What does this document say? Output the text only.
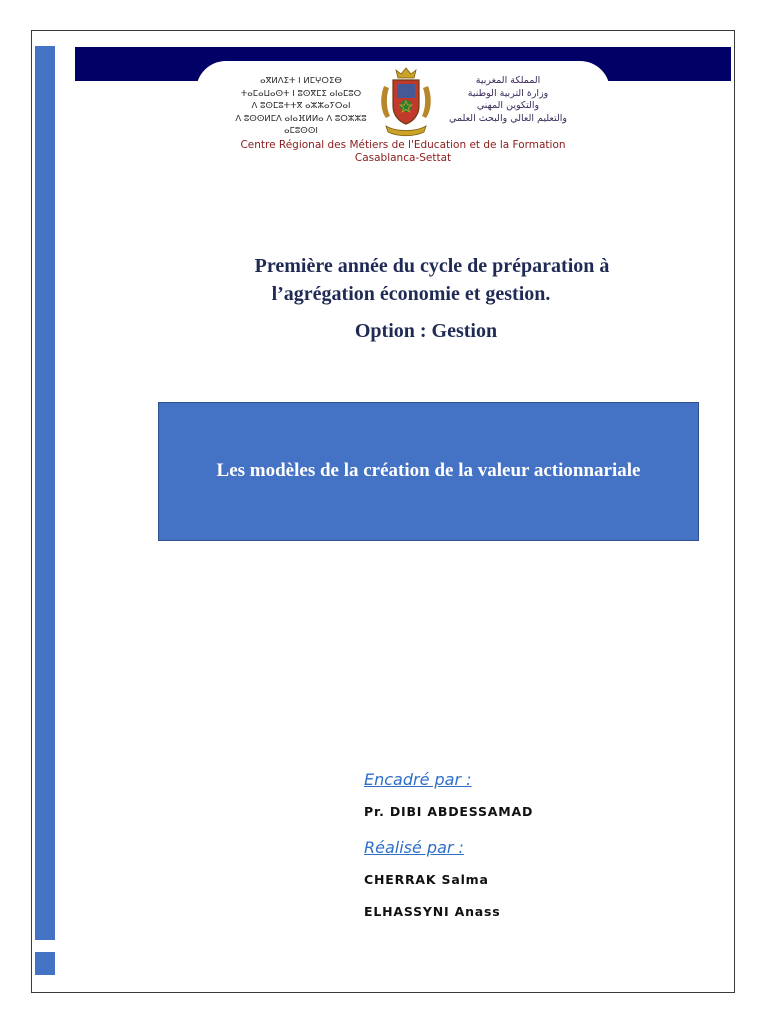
ⴰⴳⵍⴷⵉⵜ ⵏ ⵍⵎⵖⵔⵉⴱ
ⵜⴰⵎⴰⵡⴰⵙⵜ ⵏ ⵓⵙⴳⵎⵉ ⴰⵏⴰⵎⵓⵔ
ⴷ ⵓⵙⵎⵓⵜⵜⴳ ⴰⵣⵣⴰⵢⵔⴰⵏ
ⴷ ⵓⵙⵙⵍⵎⴷ ⴰⵏⴰⴼⵍⵍⴰ ⴷ ⵓⵔⵣⵣⵓ ⴰⵎⵓⵙⵙⵏ
المملكة المغربية
وزارة التربية الوطنية
والتكوين المهني
والتعليم العالي والبحث العلمي
Centre Régional des Métiers de l'Education et de la Formation
Casablanca-Settat
Première année du cycle de préparation à
l’agrégation économie et gestion.
Option : Gestion
Les modèles de la création de la valeur actionnariale
Encadré par :
Pr. DIBI ABDESSAMAD
Réalisé par :
CHERRAK Salma
ELHASSYNI Anass
